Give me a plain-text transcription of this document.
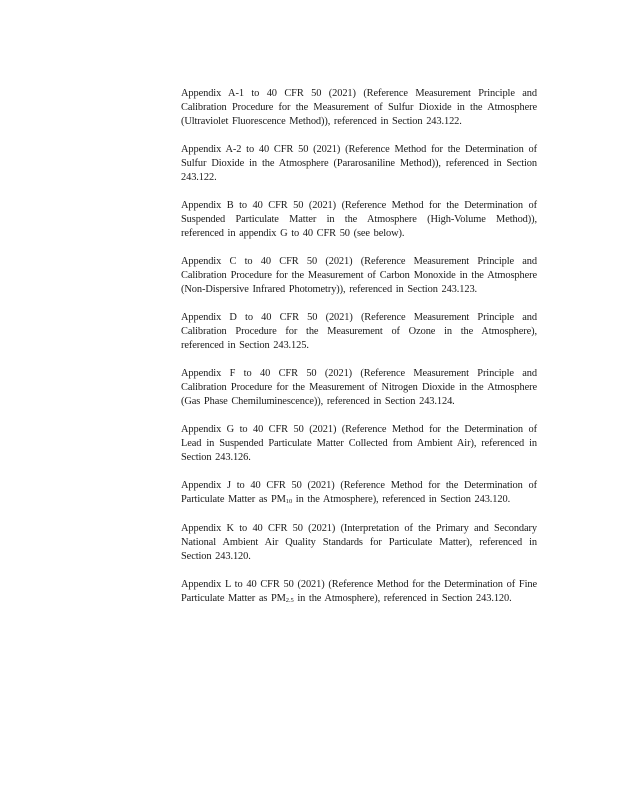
Appendix A-1 to 40 CFR 50 (2021) (Reference Measurement Principle and Calibration Procedure for the Measurement of Sulfur Dioxide in the Atmosphere (Ultraviolet Fluorescence Method)), referenced in Section 243.122.

Appendix A-2 to 40 CFR 50 (2021) (Reference Method for the Determination of Sulfur Dioxide in the Atmosphere (Pararosaniline Method)), referenced in Section 243.122.

Appendix B to 40 CFR 50 (2021) (Reference Method for the Determination of Suspended Particulate Matter in the Atmosphere (High-Volume Method)), referenced in appendix G to 40 CFR 50 (see below).

Appendix C to 40 CFR 50 (2021) (Reference Measurement Principle and Calibration Procedure for the Measurement of Carbon Monoxide in the Atmosphere (Non-Dispersive Infrared Photometry)), referenced in Section 243.123.

Appendix D to 40 CFR 50 (2021) (Reference Measurement Principle and Calibration Procedure for the Measurement of Ozone in the Atmosphere), referenced in Section 243.125.

Appendix F to 40 CFR 50 (2021) (Reference Measurement Principle and Calibration Procedure for the Measurement of Nitrogen Dioxide in the Atmosphere (Gas Phase Chemiluminescence)), referenced in Section 243.124.

Appendix G to 40 CFR 50 (2021) (Reference Method for the Determination of Lead in Suspended Particulate Matter Collected from Ambient Air), referenced in Section 243.126.

Appendix J to 40 CFR 50 (2021) (Reference Method for the Determination of Particulate Matter as $PM_{10}$ in the Atmosphere), referenced in Section 243.120.

Appendix K to 40 CFR 50 (2021) (Interpretation of the Primary and Secondary National Ambient Air Quality Standards for Particulate Matter), referenced in Section 243.120.

Appendix L to 40 CFR 50 (2021) (Reference Method for the Determination of Fine Particulate Matter as $PM_{2.5}$ in the Atmosphere), referenced in Section 243.120.
